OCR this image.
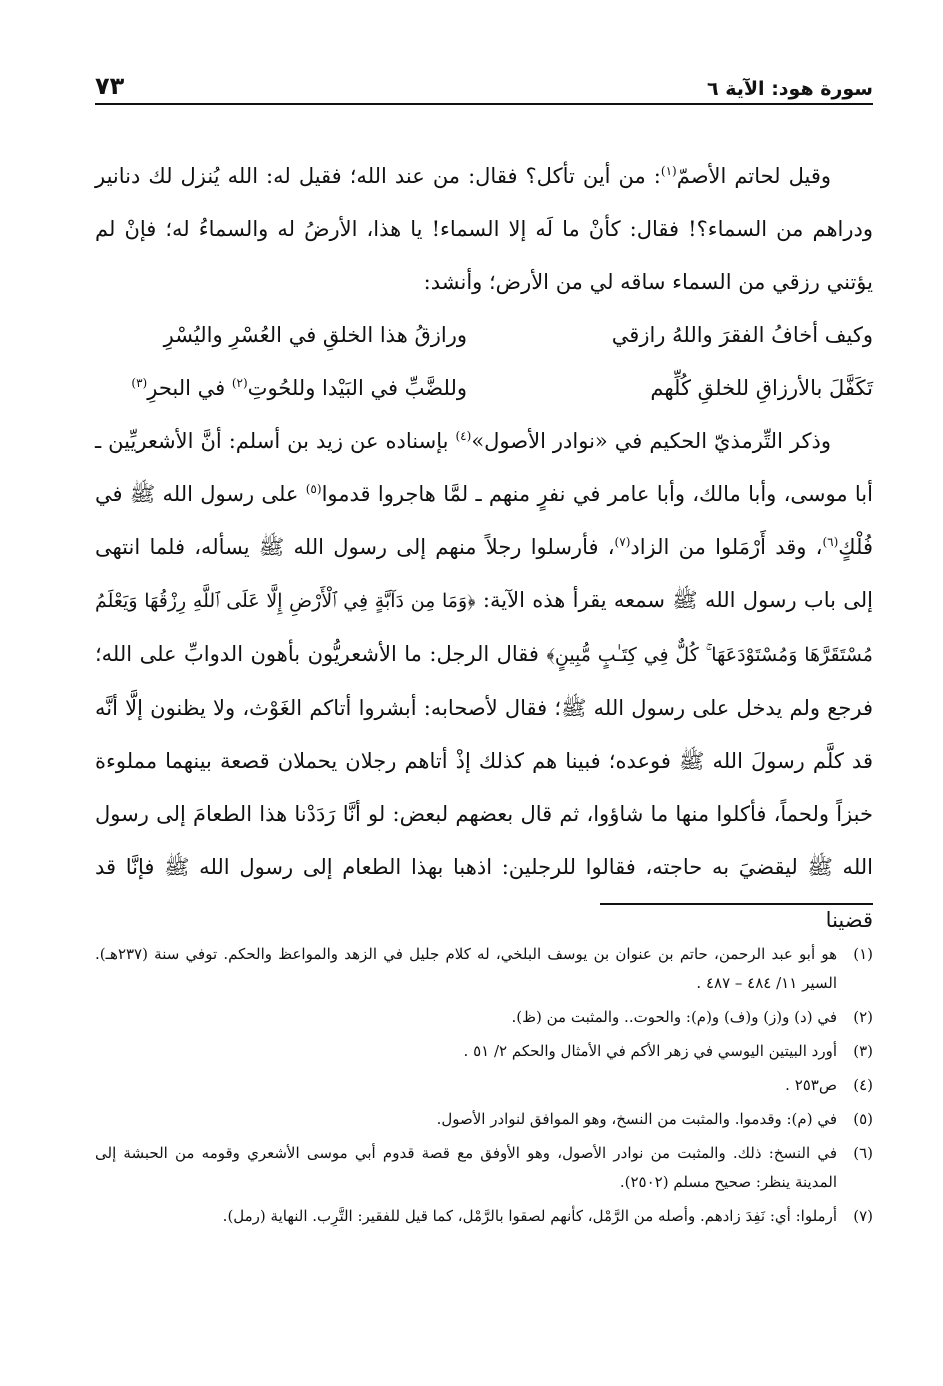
سورة هود: الآية ٦
٧٣

وقيل لحاتم الأصمّ$^{(١)}$: من أين تأكل؟ فقال: من عند الله؛ فقيل له: الله يُنزل لك دنانير ودراهم من السماء؟! فقال: كأنْ ما لَه إلا السماء! يا هذا، الأرضُ له والسماءُ له؛ فإنْ لم يؤتني رزقي من السماء ساقه لي من الأرض؛ وأنشد:

وكيف أخافُ الفقرَ واللهُ رازقي
ورازقُ هذا الخلقِ في العُسْرِ واليُسْرِ
تَكَفَّلَ بالأرزاقِ للخلقِ كُلِّهم
وللضَّبِّ في البَيْدا وللحُوتِ$^{(٢)}$ في البحرِ$^{(٣)}$

وذكر التِّرمذيّ الحكيم في «نوادر الأصول»$^{(٤)}$ بإسناده عن زيد بن أسلم: أنَّ الأشعريِّين ـ أبا موسى، وأبا مالك، وأبا عامر في نفرٍ منهم ـ لمَّا هاجروا قدموا$^{(٥)}$ على رسول الله ﷺ في فُلْكٍ$^{(٦)}$، وقد أَرْمَلوا من الزاد$^{(٧)}$، فأرسلوا رجلاً منهم إلى رسول الله ﷺ يسأله، فلما انتهى إلى باب رسول الله ﷺ سمعه يقرأ هذه الآية: ﴿وَمَا مِن دَآبَّةٍ فِي ٱلْأَرْضِ إِلَّا عَلَى ٱللَّهِ رِزْقُهَا وَيَعْلَمُ مُسْتَقَرَّهَا وَمُسْتَوْدَعَهَا ۚ كُلٌّ فِي كِتَـٰبٍ مُّبِينٍ﴾ فقال الرجل: ما الأشعريُّون بأهون الدوابِّ على الله؛ فرجع ولم يدخل على رسول الله ﷺ؛ فقال لأصحابه: أبشروا أتاكم الغَوْث، ولا يظنون إلَّا أنَّه قد كلَّم رسولَ الله ﷺ فوعده؛ فبينا هم كذلك إذْ أتاهم رجلان يحملان قصعة بينهما مملوءة خبزاً ولحماً، فأكلوا منها ما شاؤوا، ثم قال بعضهم لبعض: لو أنَّا رَدَدْنا هذا الطعامَ إلى رسول الله ﷺ ليقضيَ به حاجته، فقالوا للرجلين: اذهبا بهذا الطعام إلى رسول الله ﷺ فإنَّا قد قضينا

(١)
هو أبو عبد الرحمن، حاتم بن عنوان بن يوسف البلخي، له كلام جليل في الزهد والمواعظ والحكم. توفي سنة (٢٣٧هـ). السير ١١/ ٤٨٤ – ٤٨٧ .
(٢)
في (د) و(ز) و(ف) و(م): والحوت.. والمثبت من (ظ).
(٣)
أورد البيتين اليوسي في زهر الأكم في الأمثال والحكم ٢/ ٥١ .
(٤)
ص٢٥٣ .
(٥)
في (م): وقدموا. والمثبت من النسخ، وهو الموافق لنوادر الأصول.
(٦)
في النسخ: ذلك. والمثبت من نوادر الأصول، وهو الأوفق مع قصة قدوم أبي موسى الأشعري وقومه من الحبشة إلى المدينة ينظر: صحيح مسلم (٢٥٠٢).
(٧)
أرملوا: أي: نَفِدَ زادهم. وأصله من الرَّمْل، كأنهم لصقوا بالرَّمْل، كما قيل للفقير: التَّرِب. النهاية (رمل).
